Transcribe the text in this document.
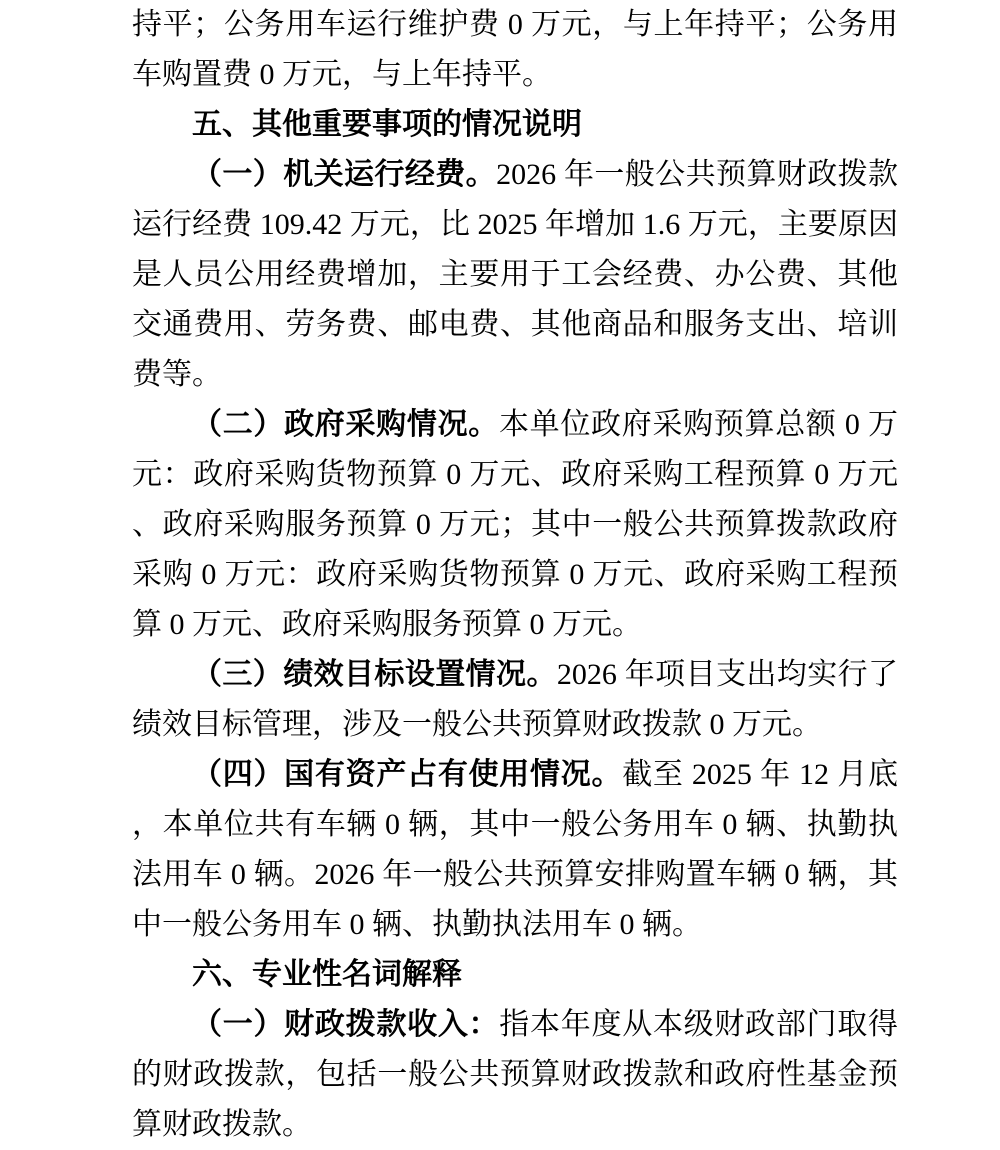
持平；公务用车运行维护费 0 万元，与上年持平；公务用车购置费 0 万元，与上年持平。

五、其他重要事项的情况说明

（一）机关运行经费。2026 年一般公共预算财政拨款运行经费 109.42 万元，比 2025 年增加 1.6 万元，主要原因是人员公用经费增加，主要用于工会经费、办公费、其他交通费用、劳务费、邮电费、其他商品和服务支出、培训费等。

（二）政府采购情况。本单位政府采购预算总额 0 万元：政府采购货物预算 0 万元、政府采购工程预算 0 万元、政府采购服务预算 0 万元；其中一般公共预算拨款政府采购 0 万元：政府采购货物预算 0 万元、政府采购工程预算 0 万元、政府采购服务预算 0 万元。

（三）绩效目标设置情况。2026 年项目支出均实行了绩效目标管理，涉及一般公共预算财政拨款 0 万元。

（四）国有资产占有使用情况。截至 2025 年 12 月底，本单位共有车辆 0 辆，其中一般公务用车 0 辆、执勤执法用车 0 辆。2026 年一般公共预算安排购置车辆 0 辆，其中一般公务用车 0 辆、执勤执法用车 0 辆。

六、专业性名词解释

（一）财政拨款收入：指本年度从本级财政部门取得的财政拨款，包括一般公共预算财政拨款和政府性基金预算财政拨款。
